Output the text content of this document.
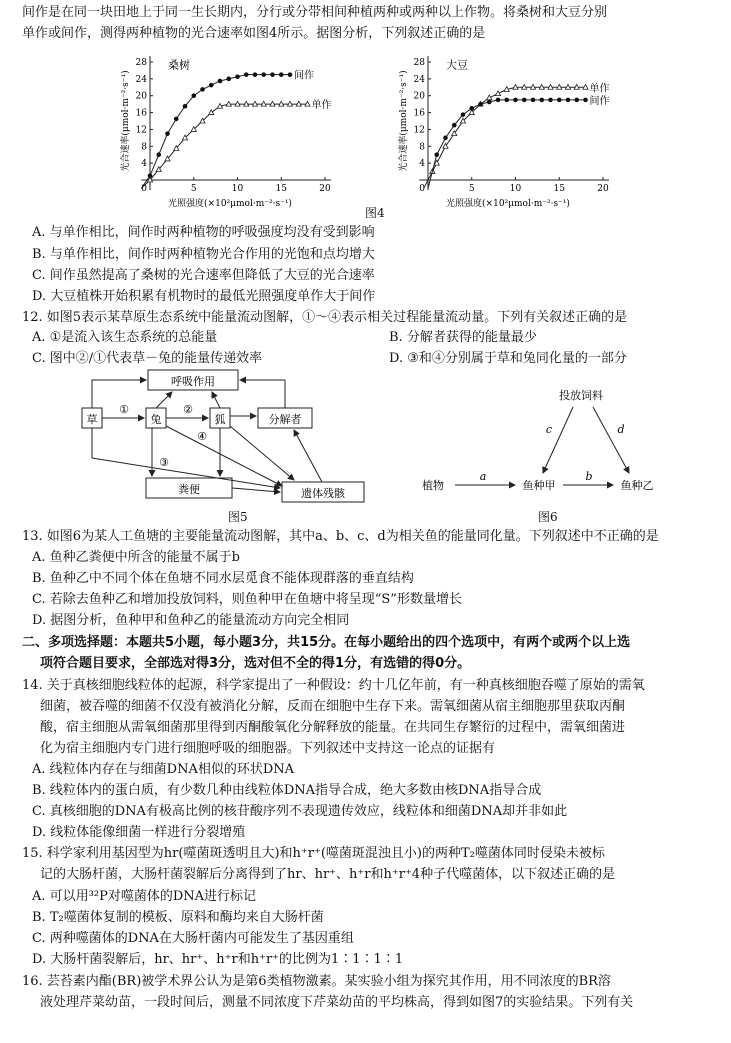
间作是在同一块田地上于同一生长期内，分行或分带相间种植两种或两种以上作物。将桑树和大豆分别
单作或间作，测得两种植物的光合速率如图4所示。据图分析，下列叙述正确的是
4
8
12
16
20
24
28
5	10	15	20
0
桑树
光合速率(μmol·m⁻²·s⁻¹)
光照强度(×10²μmol·m⁻²·s⁻¹)
间作
单作
4
8
12
16
20
24
28
5	10	15	20
0
大豆
光合速率(μmol·m⁻²·s⁻¹)
光照强度(×10²μmol·m⁻²·s⁻¹)
单作
间作
图4
A. 与单作相比，间作时两种植物的呼吸强度均没有受到影响
B. 与单作相比，间作时两种植物光合作用的光饱和点均增大
C. 间作虽然提高了桑树的光合速率但降低了大豆的光合速率
D. 大豆植株开始积累有机物时的最低光照强度单作大于间作
12. 如图5表示某草原生态系统中能量流动图解，①～④表示相关过程能量流动量。下列有关叙述正确的是
A. ①是流入该生态系统的总能量	B. 分解者获得的能量最少
C. 图中②/①代表草－兔的能量传递效率	D. ③和④分别属于草和兔同化量的一部分
呼吸作用
草	兔	狐	分解者
粪便	遗体残骸
①	②
③
④
图5
投放饲料
植物	鱼种甲	鱼种乙
a	b
c	d
图6
13. 如图6为某人工鱼塘的主要能量流动图解，其中a、b、c、d为相关鱼的能量同化量。下列叙述中不正确的是
A. 鱼种乙粪便中所含的能量不属于b
B. 鱼种乙中不同个体在鱼塘不同水层觅食不能体现群落的垂直结构
C. 若除去鱼种乙和增加投放饲料，则鱼种甲在鱼塘中将呈现“S”形数量增长
D. 据图分析，鱼种甲和鱼种乙的能量流动方向完全相同
二、多项选择题：本题共5小题，每小题3分，共15分。在每小题给出的四个选项中，有两个或两个以上选
项符合题目要求，全部选对得3分，选对但不全的得1分，有选错的得0分。
14. 关于真核细胞线粒体的起源，科学家提出了一种假设：约十几亿年前，有一种真核细胞吞噬了原始的需氧
细菌，被吞噬的细菌不仅没有被消化分解，反而在细胞中生存下来。需氧细菌从宿主细胞那里获取丙酮
酸，宿主细胞从需氧细菌那里得到丙酮酸氧化分解释放的能量。在共同生存繁衍的过程中，需氧细菌进
化为宿主细胞内专门进行细胞呼吸的细胞器。下列叙述中支持这一论点的证据有
A. 线粒体内存在与细菌DNA相似的环状DNA
B. 线粒体内的蛋白质，有少数几种由线粒体DNA指导合成，绝大多数由核DNA指导合成
C. 真核细胞的DNA有极高比例的核苷酸序列不表现遗传效应，线粒体和细菌DNA却并非如此
D. 线粒体能像细菌一样进行分裂增殖
15. 科学家利用基因型为hr(噬菌斑透明且大)和h⁺r⁺(噬菌斑混浊且小)的两种T₂噬菌体同时侵染未被标
记的大肠杆菌，大肠杆菌裂解后分离得到了hr、hr⁺、h⁺r和h⁺r⁺4种子代噬菌体，以下叙述正确的是
A. 可以用³²P对噬菌体的DNA进行标记
B. T₂噬菌体复制的模板、原料和酶均来自大肠杆菌
C. 两种噬菌体的DNA在大肠杆菌内可能发生了基因重组
D. 大肠杆菌裂解后，hr、hr⁺、h⁺r和h⁺r⁺的比例为1∶1∶1∶1
16. 芸苔素内酯(BR)被学术界公认为是第6类植物激素。某实验小组为探究其作用，用不同浓度的BR溶
液处理芹菜幼苗，一段时间后，测量不同浓度下芹菜幼苗的平均株高，得到如图7的实验结果。下列有关
